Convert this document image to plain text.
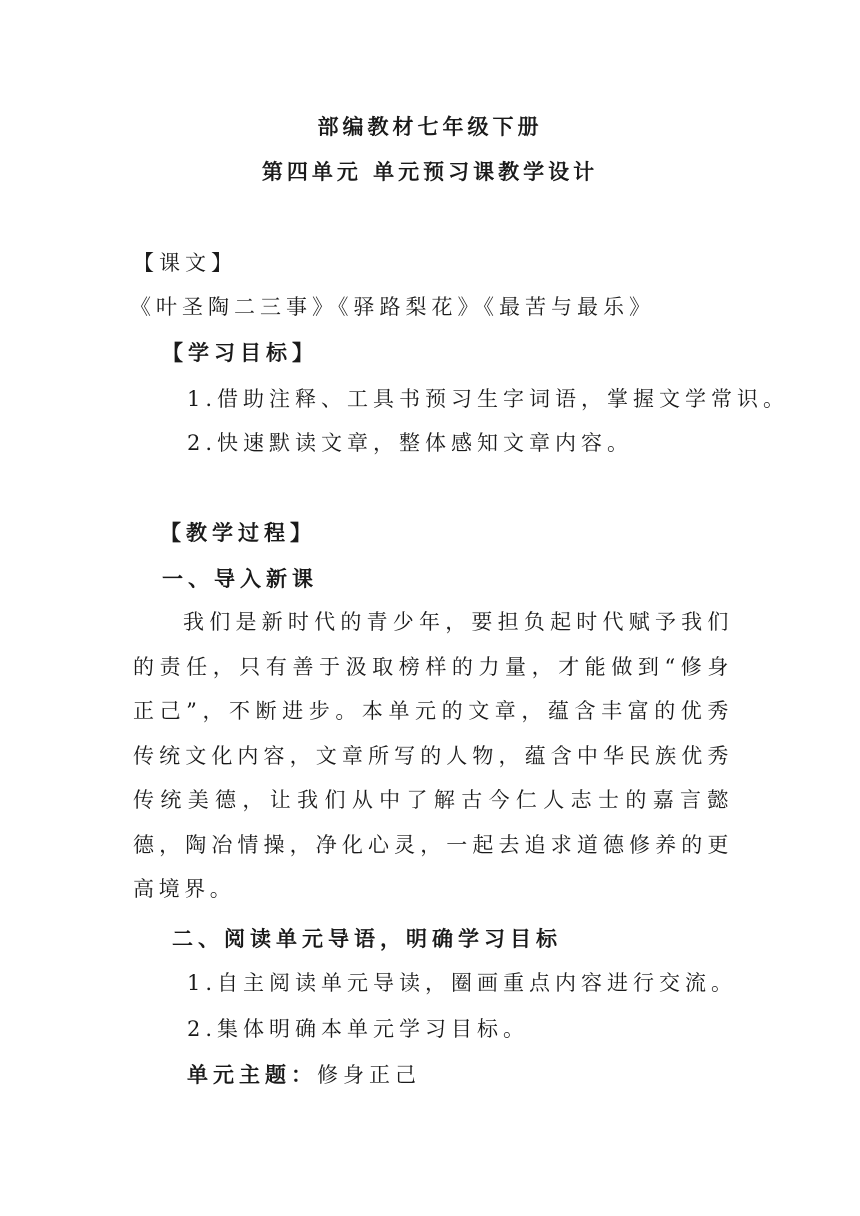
部编教材七年级下册
第四单元 单元预习课教学设计
【课文】
《叶圣陶二三事》《驿路梨花》《最苦与最乐》
【学习目标】
1.借助注释、工具书预习生字词语，掌握文学常识。
2.快速默读文章，整体感知文章内容。
【教学过程】
一、导入新课

我们是新时代的青少年，要担负起时代赋予我们的责任，只有善于汲取榜样的力量，才能做到“修身正己”，不断进步。本单元的文章，蕴含丰富的优秀传统文化内容，文章所写的人物，蕴含中华民族优秀传统美德，让我们从中了解古今仁人志士的嘉言懿德，陶冶情操，净化心灵，一起去追求道德修养的更高境界。

二、阅读单元导语，明确学习目标
1.自主阅读单元导读，圈画重点内容进行交流。
2.集体明确本单元学习目标。
单元主题：修身正己
